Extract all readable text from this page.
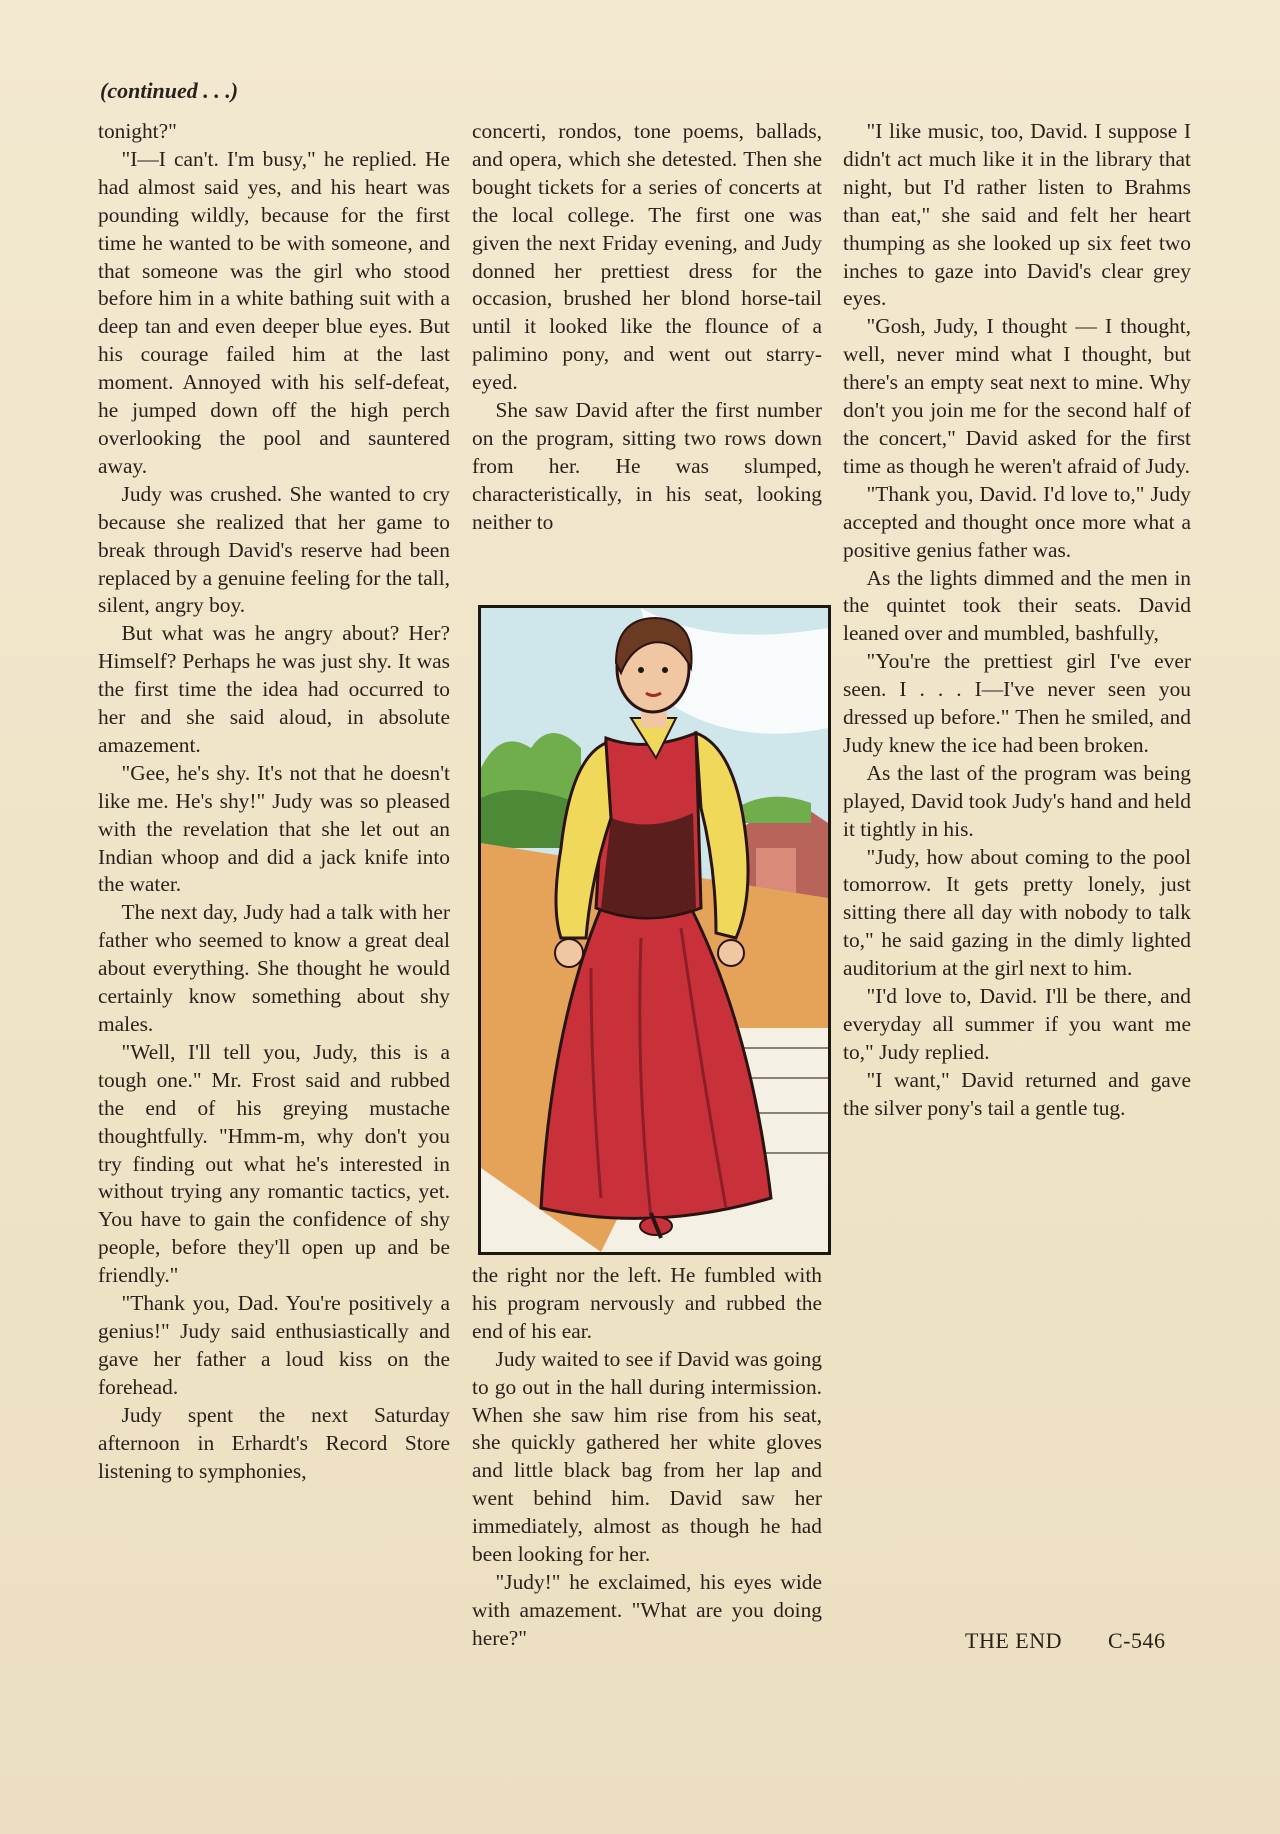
(continued . . .)

tonight?"

"I—I can't. I'm busy," he replied. He had almost said yes, and his heart was pounding wildly, because for the first time he wanted to be with someone, and that someone was the girl who stood before him in a white bathing suit with a deep tan and even deeper blue eyes. But his courage failed him at the last moment. Annoyed with his self-defeat, he jumped down off the high perch overlooking the pool and sauntered away.

Judy was crushed. She wanted to cry because she realized that her game to break through David's reserve had been replaced by a genuine feeling for the tall, silent, angry boy.

But what was he angry about? Her? Himself? Perhaps he was just shy. It was the first time the idea had occurred to her and she said aloud, in absolute amazement.

"Gee, he's shy. It's not that he doesn't like me. He's shy!" Judy was so pleased with the revelation that she let out an Indian whoop and did a jack knife into the water.

The next day, Judy had a talk with her father who seemed to know a great deal about everything. She thought he would certainly know something about shy males.

"Well, I'll tell you, Judy, this is a tough one." Mr. Frost said and rubbed the end of his greying mustache thoughtfully. "Hmm-m, why don't you try finding out what he's interested in without trying any romantic tactics, yet. You have to gain the confidence of shy people, before they'll open up and be friendly."

"Thank you, Dad. You're positively a genius!" Judy said enthusiastically and gave her father a loud kiss on the forehead.

Judy spent the next Saturday afternoon in Erhardt's Record Store listening to symphonies,

concerti, rondos, tone poems, ballads, and opera, which she detested. Then she bought tickets for a series of concerts at the local college. The first one was given the next Friday evening, and Judy donned her prettiest dress for the occasion, brushed her blond horse-tail until it looked like the flounce of a palimino pony, and went out starry-eyed.

She saw David after the first number on the program, sitting two rows down from her. He was slumped, characteristically, in his seat, looking neither to

the right nor the left. He fumbled with his program nervously and rubbed the end of his ear.

Judy waited to see if David was going to go out in the hall during intermission. When she saw him rise from his seat, she quickly gathered her white gloves and little black bag from her lap and went behind him. David saw her immediately, almost as though he had been looking for her.

"Judy!" he exclaimed, his eyes wide with amazement. "What are you doing here?"

"I like music, too, David. I suppose I didn't act much like it in the library that night, but I'd rather listen to Brahms than eat," she said and felt her heart thumping as she looked up six feet two inches to gaze into David's clear grey eyes.

"Gosh, Judy, I thought — I thought, well, never mind what I thought, but there's an empty seat next to mine. Why don't you join me for the second half of the concert," David asked for the first time as though he weren't afraid of Judy.

"Thank you, David. I'd love to," Judy accepted and thought once more what a positive genius father was.

As the lights dimmed and the men in the quintet took their seats. David leaned over and mumbled, bashfully,

"You're the prettiest girl I've ever seen. I . . . I—I've never seen you dressed up before." Then he smiled, and Judy knew the ice had been broken.

As the last of the program was being played, David took Judy's hand and held it tightly in his.

"Judy, how about coming to the pool tomorrow. It gets pretty lonely, just sitting there all day with nobody to talk to," he said gazing in the dimly lighted auditorium at the girl next to him.

"I'd love to, David. I'll be there, and everyday all summer if you want me to," Judy replied.

"I want," David returned and gave the silver pony's tail a gentle tug.

THE END C-546
